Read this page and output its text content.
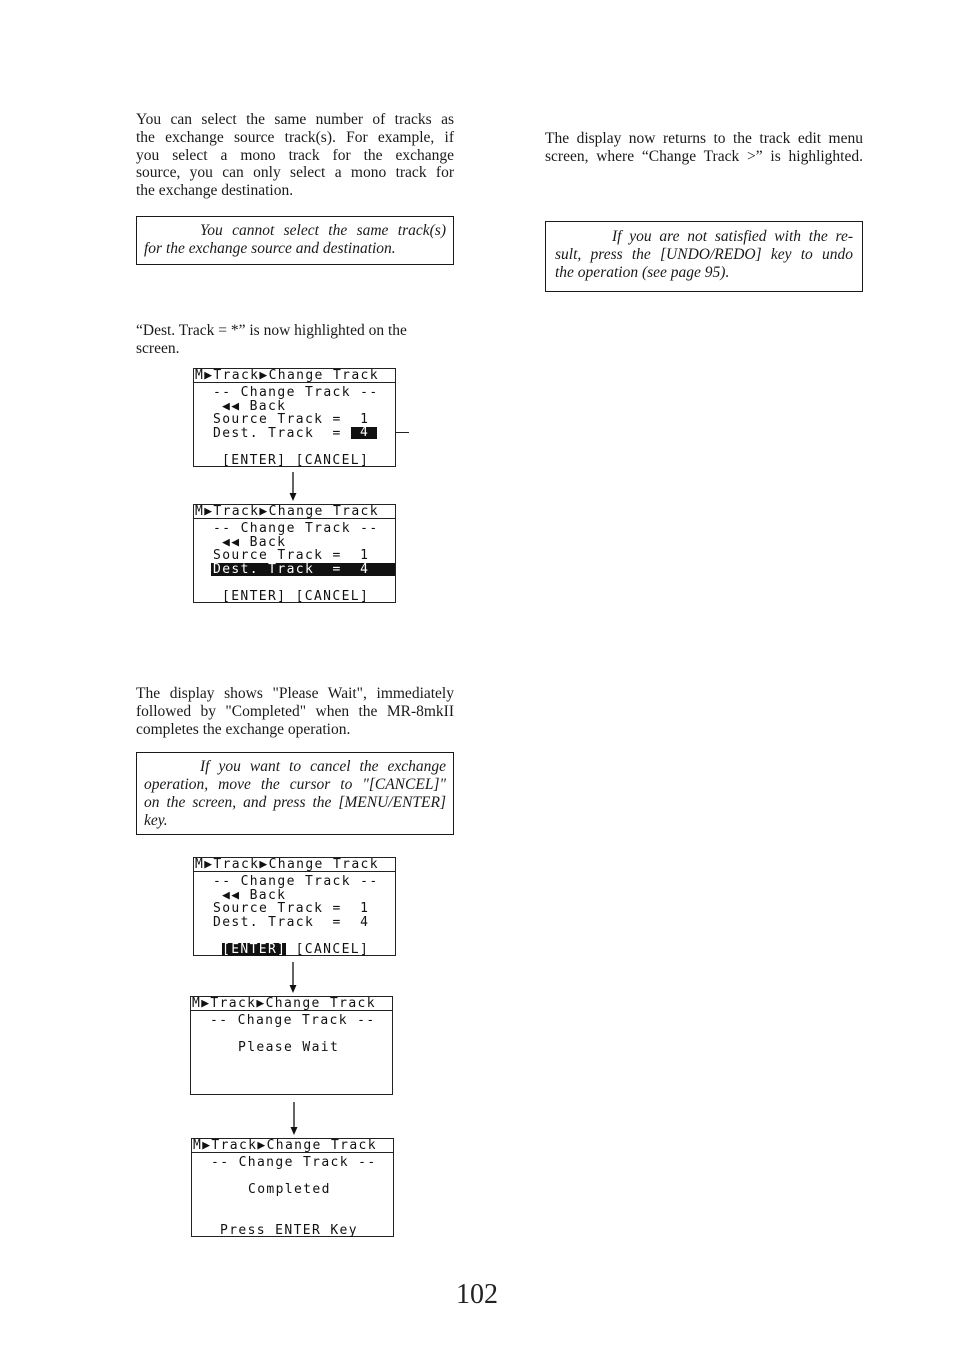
You can select the same number of tracks as
the exchange source track(s). For example, if
you select a mono track for the exchange
source, you can only select a mono track for
the exchange destination.
You cannot select the same track(s)
for the exchange source and destination.
“Dest. Track = *” is now highlighted on the
screen.
M▶Track▶Change Track
-- Change Track --
◀◀ Back
Source Track = 1
Dest. Track  = 4
[ENTER] [CANCEL]
M▶Track▶Change Track
-- Change Track --
◀◀ Back
Source Track = 1
Dest. Track  = 4
[ENTER] [CANCEL]
The display shows "Please Wait", immediately
followed by "Completed" when the MR-8mkII
completes the exchange operation.
If you want to cancel the exchange
operation, move the cursor to "[CANCEL]"
on the screen, and press the [MENU/ENTER]
key.
M▶Track▶Change Track
-- Change Track --
◀◀ Back
Source Track = 1
Dest. Track  = 4
[ENTER] [CANCEL]
M▶Track▶Change Track
-- Change Track --
Please Wait
M▶Track▶Change Track
-- Change Track --
Completed
Press ENTER Key
The display now returns to the track edit menu
screen, where “Change Track >” is highlighted.
If you are not satisfied with the re-
sult, press the [UNDO/REDO] key to undo
the operation (see page 95).
102
